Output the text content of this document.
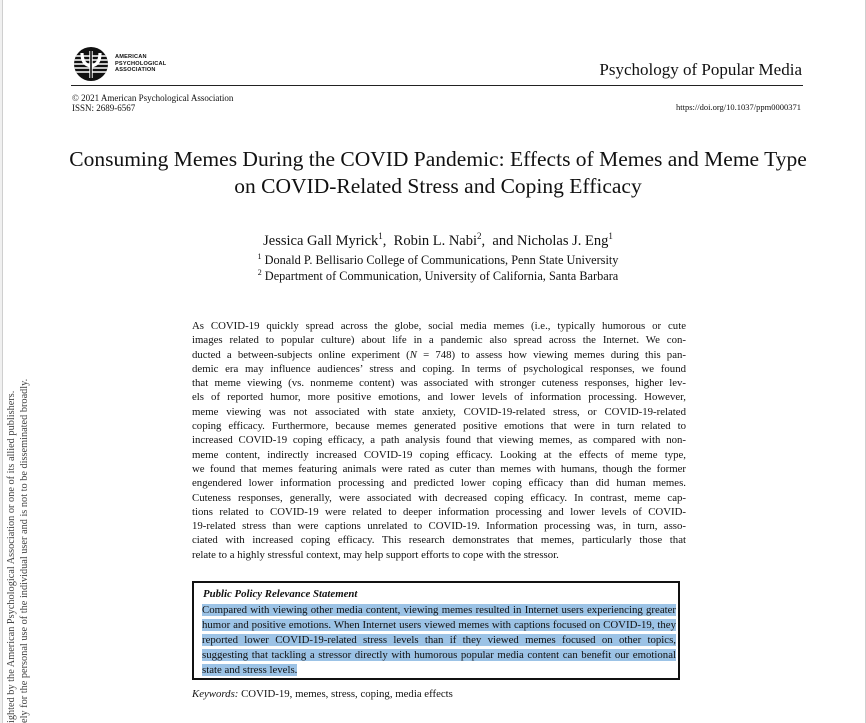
AMERICAN
PSYCHOLOGICAL
ASSOCIATION	Psychology of Popular Media
© 2021 American Psychological Association
ISSN: 2689-6567	https://doi.org/10.1037/ppm0000371
Consuming Memes During the COVID Pandemic: Effects of Memes and Meme Type on COVID-Related Stress and Coping Efficacy
Jessica Gall Myrick$^1$,  Robin L. Nabi$^2$,  and Nicholas J. Eng$^1$
$^1$ Donald P. Bellisario College of Communications, Penn State University
$^2$ Department of Communication, University of California, Santa Barbara
As COVID-19 quickly spread across the globe, social media memes (i.e., typically humorous or cute
images related to popular culture) about life in a pandemic also spread across the Internet. We con-
ducted a between-subjects online experiment (N = 748) to assess how viewing memes during this pan-
demic era may influence audiences’ stress and coping. In terms of psychological responses, we found
that meme viewing (vs. nonmeme content) was associated with stronger cuteness responses, higher lev-
els of reported humor, more positive emotions, and lower levels of information processing. However,
meme viewing was not associated with state anxiety, COVID-19-related stress, or COVID-19-related
coping efficacy. Furthermore, because memes generated positive emotions that were in turn related to
increased COVID-19 coping efficacy, a path analysis found that viewing memes, as compared with non-
meme content, indirectly increased COVID-19 coping efficacy. Looking at the effects of meme type,
we found that memes featuring animals were rated as cuter than memes with humans, though the former
engendered lower information processing and predicted lower coping efficacy than did human memes.
Cuteness responses, generally, were associated with decreased coping efficacy. In contrast, meme cap-
tions related to COVID-19 were related to deeper information processing and lower levels of COVID-
19-related stress than were captions unrelated to COVID-19. Information processing was, in turn, asso-
ciated with increased coping efficacy. This research demonstrates that memes, particularly those that
relate to a highly stressful context, may help support efforts to cope with the stressor.
Public Policy Relevance Statement
Compared with viewing other media content, viewing memes resulted in Internet users experiencing greater humor and positive emotions. When Internet users viewed memes with captions focused on COVID-19, they reported lower COVID-19-related stress levels than if they viewed memes focused on other topics, suggesting that tackling a stressor directly with humorous popular media content can benefit our emotional state and stress levels.
Keywords: COVID-19, memes, stress, coping, media effects
ighted by the American Psychological Association or one of its allied publishers. ely for the personal use of the individual user and is not to be disseminated broadly.
